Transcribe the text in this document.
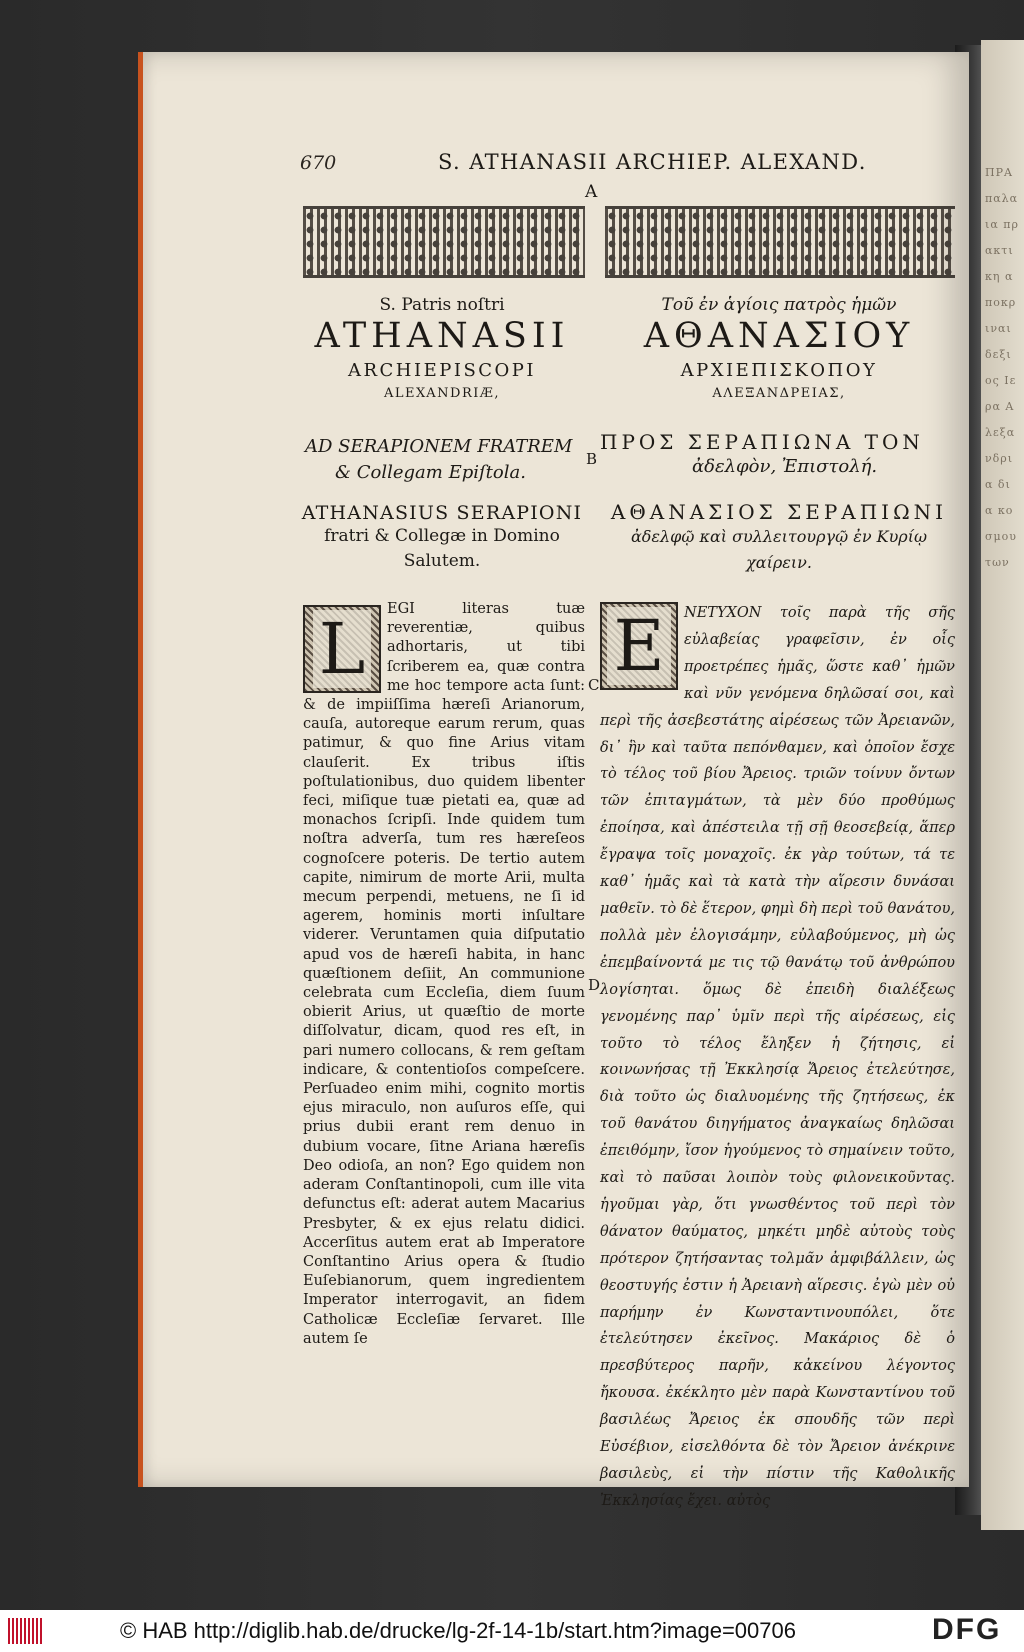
ΠΡΑ παλαια πρακτικη αποκριναι δεξιος Ιερα Αλεξανδρια δια κοσμου των
670	S. ATHANASII ARCHIEP. ALEXAND.
A
S. Patris noſtri
ATHANASII
ARCHIEPISCOPI
ALEXANDRIÆ,
Τοῦ ἐν ἁγίοις πατρὸς ἡμῶν
ΑΘΑΝΑΣΙΟΥ
ΑΡΧΙΕΠΙΣΚΟΠΟΥ
ΑΛΕΞΑΝΔΡΕΙΑΣ,
AD SERAPIONEM FRATREM
& Collegam Epiſtola.
ΠΡΟΣ ΣΕΡΑΠΙΩΝΑ ΤΟΝ
ἀδελφὸν, Ἐπιστολή.
B
ATHANASIUS SERAPIONI
fratri & Collegæ in Domino
Salutem.
ΑΘΑΝΑΣΙΟΣ ΣΕΡΑΠΙΩΝΙ
ἀδελφῷ καὶ συλλειτουργῷ ἐν Κυρίῳ
χαίρειν.

EGI literas tuæ reverentiæ, quibus adhortaris, ut tibi ſcriberem ea, quæ contra me hoc tempore acta ſunt: & de impiiſſima hæreſi Arianorum, cauſa, autoreque earum rerum, quas patimur, & quo fine Arius vitam clauſerit. Ex tribus iſtis poſtulationibus, duo quidem libenter feci, miſique tuæ pietati ea, quæ ad monachos ſcripſi. Inde quidem tum noſtra adverſa, tum res hæreſeos cognoſcere poteris. De tertio autem capite, nimirum de morte Arii, multa mecum perpendi, metuens, ne ſi id agerem, hominis morti inſultare viderer. Veruntamen quia diſputatio apud vos de hæreſi habita, in hanc quæſtionem deſiit, An communione celebrata cum Eccleſia, diem ſuum obierit Arius, ut quæſtio de morte diſſolvatur, dicam, quod res eſt, in pari numero collocans, & rem geſtam indicare, & contentioſos compeſcere. Perſuadeo enim mihi, cognito mortis ejus miraculo, non auſuros eſſe, qui prius dubii erant rem denuo in dubium vocare, ſitne Ariana hæreſis Deo odioſa, an non? Ego quidem non aderam Conſtantinopoli, cum ille vita defunctus eſt: aderat autem Macarius Presbyter, & ex ejus relatu didici. Accerſitus autem erat ab Imperatore Conſtantino Arius opera & ſtudio Euſebianorum, quem ingredientem Imperator interrogavit, an fidem Catholicæ Eccleſiæ ſervaret. Ille autem ſe

L	ΝΕΤΥΧΟΝ τοῖς παρὰ τῆς σῆς εὐλαβείας γραφεῖσιν, ἐν οἷς προετρέπες ἡμᾶς, ὥστε καθ᾽ ἡμῶν καὶ νῦν γενόμενα δηλῶσαί σοι, καὶ περὶ τῆς ἀσεβεστάτης αἱρέσεως τῶν Ἀρειανῶν, δι᾽ ἣν καὶ ταῦτα πεπόνθαμεν, καὶ ὁποῖον ἔσχε τὸ τέλος τοῦ βίου Ἄρειος. τριῶν τοίνυν ὄντων τῶν ἐπιταγμάτων, τὰ μὲν δύο προθύμως ἐποίησα, καὶ ἀπέστειλα τῇ σῇ θεοσεβείᾳ, ἅπερ ἔγραψα τοῖς μοναχοῖς. ἐκ γὰρ τούτων, τά τε καθ᾽ ἡμᾶς καὶ τὰ κατὰ τὴν αἵρεσιν δυνάσαι μαθεῖν. τὸ δὲ ἕτερον, φημὶ δὴ περὶ τοῦ θανάτου, πολλὰ μὲν ἐλογισάμην, εὐλαβούμενος, μὴ ὡς ἐπεμβαίνοντά με τις τῷ θανάτῳ τοῦ ἀνθρώπου λογίσηται. ὅμως δὲ ἐπειδὴ διαλέξεως γενομένης παρ᾽ ὑμῖν περὶ τῆς αἱρέσεως, εἰς τοῦτο τὸ τέλος ἔληξεν ἡ ζήτησις, εἰ κοινωνήσας τῇ Ἐκκλησίᾳ Ἄρειος ἐτελεύτησε, διὰ τοῦτο ὡς διαλυομένης τῆς ζητήσεως, ἐκ τοῦ θανάτου διηγήματος ἀναγκαίως δηλῶσαι ἐπειθόμην, ἴσον ἡγούμενος τὸ σημαίνειν τοῦτο, καὶ τὸ παῦσαι λοιπὸν τοὺς φιλονεικοῦντας. ἡγοῦμαι γὰρ, ὅτι γνωσθέντος τοῦ περὶ τὸν θάνατον θαύματος, μηκέτι μηδὲ αὐτοὺς τοὺς πρότερον ζητήσαντας τολμᾶν ἀμφιβάλλειν, ὡς θεοστυγής ἐστιν ἡ Ἀρειανὴ αἵρεσις. ἐγὼ μὲν οὐ παρήμην ἐν Κωνσταντινουπόλει, ὅτε ἐτελεύτησεν ἐκεῖνος. Μακάριος δὲ ὁ πρεσβύτερος παρῆν, κἀκείνου λέγοντος ἤκουσα. ἐκέκλητο μὲν παρὰ Κωνσταντίνου τοῦ βασιλέως Ἄρειος ἐκ σπουδῆς τῶν περὶ Εὐσέβιον, εἰσελθόντα δὲ τὸν Ἄρειον ἀνέκρινε βασιλεὺς, εἰ τὴν πίστιν τῆς Καθολικῆς Ἐκκλησίας ἔχει. αὐτὸς

Ε
C
D
© HAB http://diglib.hab.de/drucke/lg-2f-14-1b/start.htm?image=00706	DFG
